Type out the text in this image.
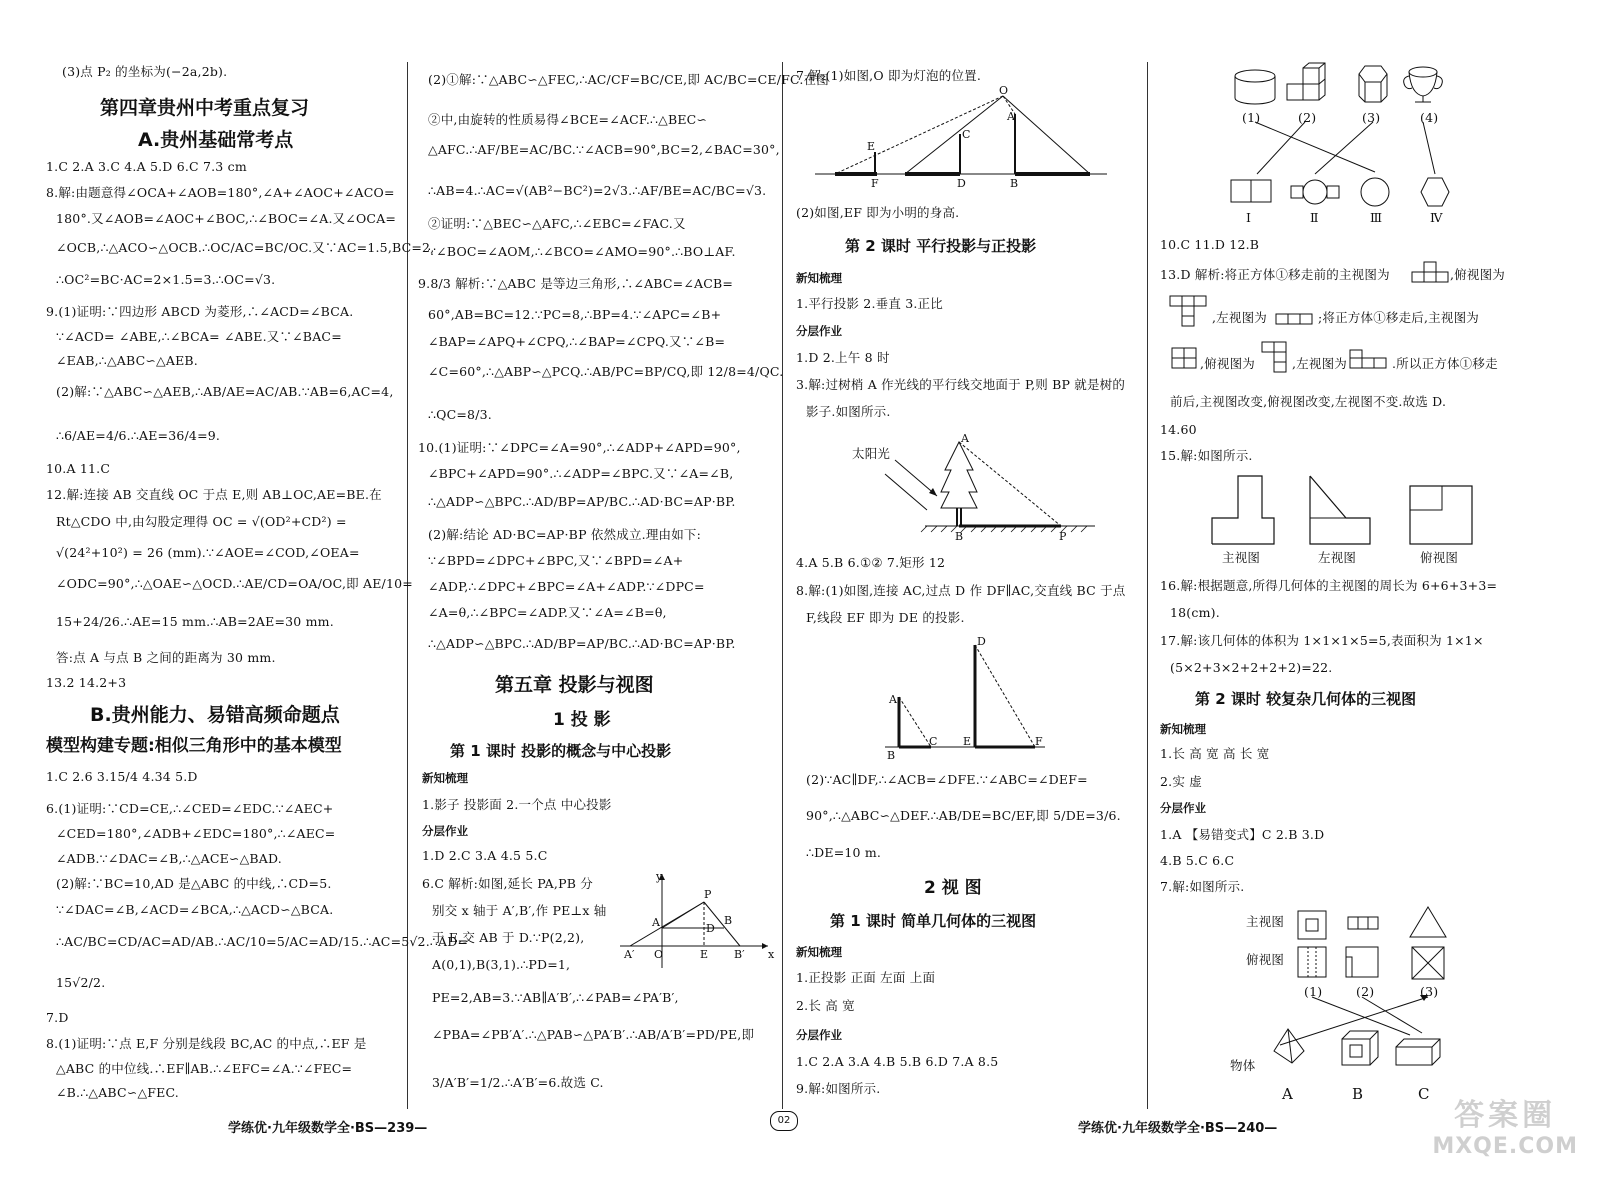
(3)点 P₂ 的坐标为(−2a,2b).
第四章贵州中考重点复习
A.贵州基础常考点
1.C 2.A 3.C 4.A 5.D 6.C 7.3 cm
8.解:由题意得∠OCA+∠AOB=180°,∠A+∠AOC+∠ACO=
180°.又∠AOB=∠AOC+∠BOC,∴∠BOC=∠A.又∠OCA=
∠OCB,∴△ACO∽△OCB.∴OC/AC=BC/OC.又∵AC=1.5,BC=2,
∴OC²=BC·AC=2×1.5=3.∴OC=√3.
9.(1)证明:∵四边形 ABCD 为菱形,∴∠ACD=∠BCA.
∵∠ACD= ∠ABE,∴∠BCA= ∠ABE.又∵∠BAC=
∠EAB,∴△ABC∽△AEB.
(2)解:∵△ABC∽△AEB,∴AB/AE=AC/AB.∵AB=6,AC=4,
∴6/AE=4/6.∴AE=36/4=9.
10.A 11.C
12.解:连接 AB 交直线 OC 于点 E,则 AB⊥OC,AE=BE.在
Rt△CDO 中,由勾股定理得 OC = √(OD²+CD²) =
√(24²+10²) = 26 (mm).∵∠AOE=∠COD,∠OEA=
∠ODC=90°,∴△OAE∽△OCD.∴AE/CD=OA/OC,即 AE/10=
15+24/26.∴AE=15 mm.∴AB=2AE=30 mm.
答:点 A 与点 B 之间的距离为 30 mm.
13.2 14.2+3
B.贵州能力、易错高频命题点
模型构建专题:相似三角形中的基本模型
1.C 2.6 3.15/4 4.34 5.D
6.(1)证明:∵CD=CE,∴∠CED=∠EDC.∵∠AEC+
∠CED=180°,∠ADB+∠EDC=180°,∴∠AEC=
∠ADB.∵∠DAC=∠B,∴△ACE∽△BAD.
(2)解:∵BC=10,AD 是△ABC 的中线,∴CD=5.
∵∠DAC=∠B,∠ACD=∠BCA,∴△ACD∽△BCA.
∴AC/BC=CD/AC=AD/AB.∴AC/10=5/AC=AD/15.∴AC=5√2.∴AD=
15√2/2.
7.D
8.(1)证明:∵点 E,F 分别是线段 BC,AC 的中点,∴EF 是
△ABC 的中位线.∴EF∥AB.∴∠EFC=∠A.∵∠FEC=
∠B.∴△ABC∽△FEC.
(2)①解:∵△ABC∽△FEC,∴AC/CF=BC/CE,即 AC/BC=CE/FC.在图
②中,由旋转的性质易得∠BCE=∠ACF.∴△BEC∽
△AFC.∴AF/BE=AC/BC.∵∠ACB=90°,BC=2,∠BAC=30°,
∴AB=4.∴AC=√(AB²−BC²)=2√3.∴AF/BE=AC/BC=√3.
②证明:∵△BEC∽△AFC,∴∠EBC=∠FAC.又
∵∠BOC=∠AOM,∴∠BCO=∠AMO=90°.∴BO⊥AF.
9.8/3 解析:∵△ABC 是等边三角形,∴∠ABC=∠ACB=
60°,AB=BC=12.∵PC=8,∴BP=4.∵∠APC=∠B+
∠BAP=∠APQ+∠CPQ,∴∠BAP=∠CPQ.又∵∠B=
∠C=60°,∴△ABP∽△PCQ.∴AB/PC=BP/CQ,即 12/8=4/QC.
∴QC=8/3.
10.(1)证明:∵∠DPC=∠A=90°,∴∠ADP+∠APD=90°,
∠BPC+∠APD=90°.∴∠ADP=∠BPC.又∵∠A=∠B,
∴△ADP∽△BPC.∴AD/BP=AP/BC.∴AD·BC=AP·BP.
(2)解:结论 AD·BC=AP·BP 依然成立.理由如下:
∵∠BPD=∠DPC+∠BPC,又∵∠BPD=∠A+
∠ADP,∴∠DPC+∠BPC=∠A+∠ADP.∵∠DPC=
∠A=θ,∴∠BPC=∠ADP.又∵∠A=∠B=θ,
∴△ADP∽△BPC.∴AD/BP=AP/BC.∴AD·BC=AP·BP.
第五章 投影与视图
1 投 影
第 1 课时 投影的概念与中心投影
新知梳理
1.影子 投影面 2.一个点 中心投影
分层作业
1.D 2.C 3.A 4.5 5.C
6.C 解析:如图,延长 PA,PB 分
别交 x 轴于 A′,B′,作 PE⊥x 轴
于 E,交 AB 于 D.∵P(2,2),
A(0,1),B(3,1).∴PD=1,
PE=2,AB=3.∵AB∥A′B′,∴∠PAB=∠PA′B′,
∠PBA=∠PB′A′.∴△PAB∽△PA′B′.∴AB/A′B′=PD/PE,即
3/A′B′=1/2.∴A′B′=6.故选 C.
y
x
P
A	B
D
A′ O	E B′
7.解:(1)如图,O 即为灯泡的位置.
O
E
F
C
D
A
B
(2)如图,EF 即为小明的身高.
第 2 课时 平行投影与正投影
新知梳理
1.平行投影 2.垂直 3.正比
分层作业
1.D 2.上午 8 时
3.解:过树梢 A 作光线的平行线交地面于 P,则 BP 就是树的
影子.如图所示.
A
B	P
太阳光
4.A 5.B 6.①② 7.矩形 12
8.解:(1)如图,连接 AC,过点 D 作 DF∥AC,交直线 BC 于点
F,线段 EF 即为 DE 的投影.
A
B
C
D
E	F
(2)∵AC∥DF,∴∠ACB=∠DFE.∵∠ABC=∠DEF=
90°,∴△ABC∽△DEF.∴AB/DE=BC/EF,即 5/DE=3/6.
∴DE=10 m.
2 视 图
第 1 课时 简单几何体的三视图
新知梳理
1.正投影 正面 左面 上面
2.长 高 宽
分层作业
1.C 2.A 3.A 4.B 5.B 6.D 7.A 8.5
9.解:如图所示.
(1)	(2)	(3)	(4)
Ⅰ	Ⅱ	Ⅲ	Ⅳ
10.C 11.D 12.B
13.D 解析:将正方体①移走前的主视图为	,俯视图为
,左视图为	;将正方体①移走后,主视图为
,俯视图为	,左视图为	.所以正方体①移走
前后,主视图改变,俯视图改变,左视图不变.故选 D.
14.60
15.解:如图所示.
主视图	左视图	俯视图
16.解:根据题意,所得几何体的主视图的周长为 6+6+3+3=
18(cm).
17.解:该几何体的体积为 1×1×1×5=5,表面积为 1×1×
(5×2+3×2+2+2+2)=22.
第 2 课时 较复杂几何体的三视图
新知梳理
1.长 高 宽 高 长 宽
2.实 虚
分层作业
1.A 【易错变式】C 2.B 3.D
4.B 5.C 6.C
7.解:如图所示.
主视图
俯视图
(1)	(2)	(3)
物体
A	B	C
学练优·九年级数学全·BS—239—
02
学练优·九年级数学全·BS—240—	答案圈
MXQE.COM
